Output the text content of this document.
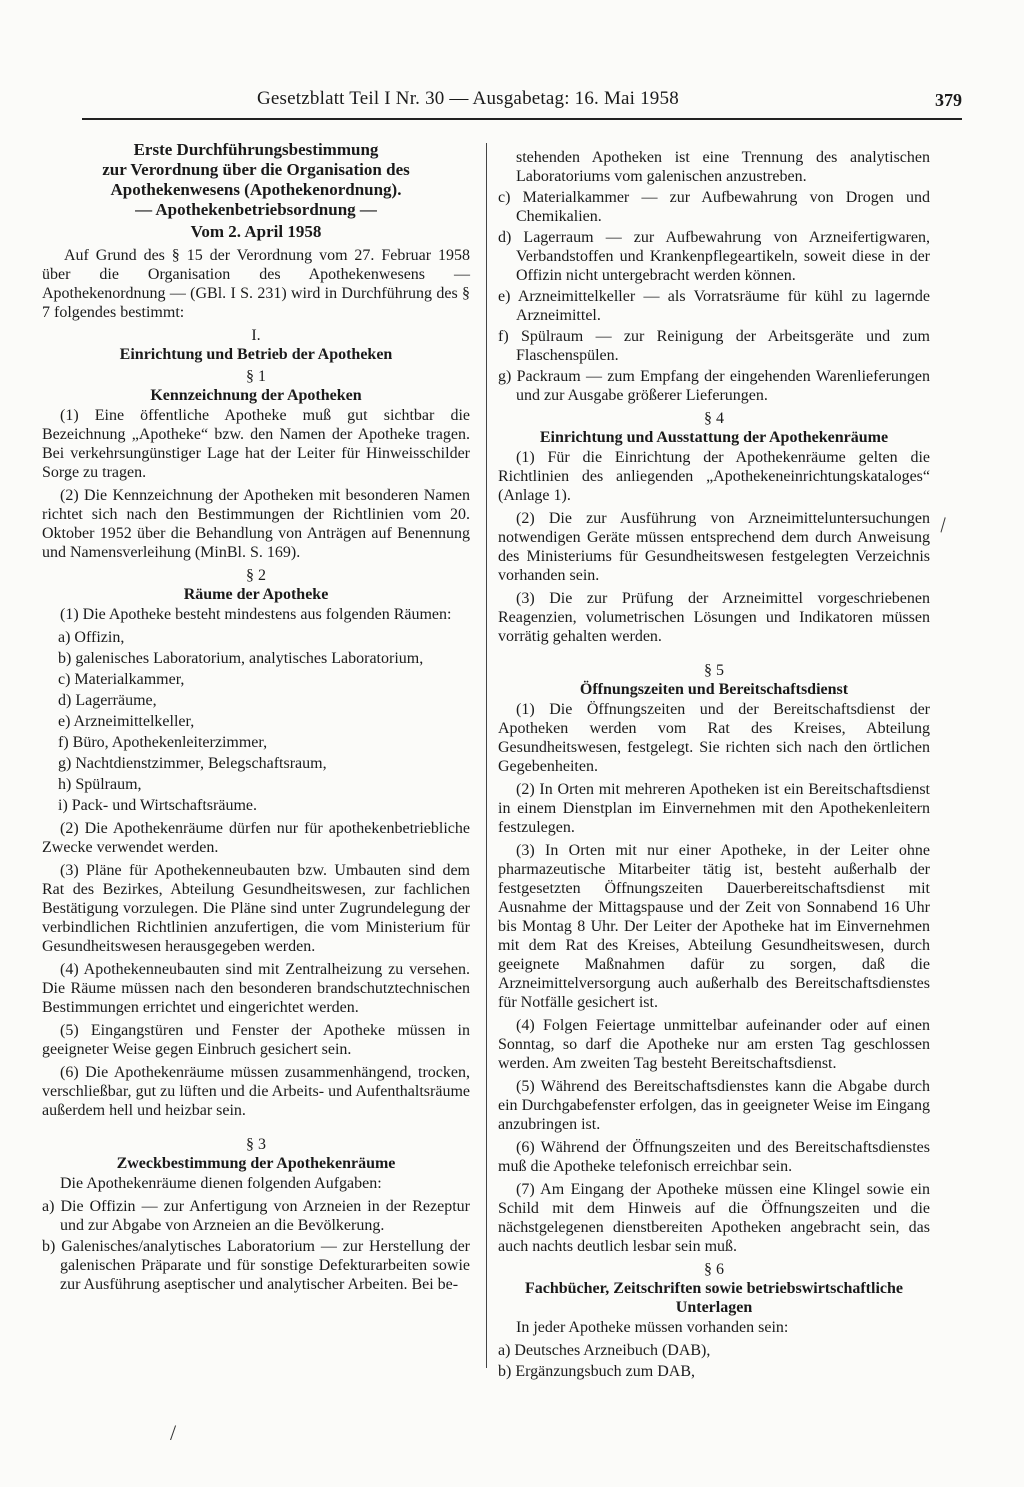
Gesetzblatt Teil I Nr. 30 — Ausgabetag: 16. Mai 1958	379
Erste Durchführungsbestimmung
zur Verordnung über die Organisation des
Apothekenwesens (Apothekenordnung).
— Apothekenbetriebsordnung —
Vom 2. April 1958

Auf Grund des § 15 der Verordnung vom 27. Februar 1958 über die Organisation des Apothekenwesens — Apothekenordnung — (GBl. I S. 231) wird in Durchführung des § 7 folgendes bestimmt:

I.
Einrichtung und Betrieb der Apotheken
§ 1
Kennzeichnung der Apotheken

(1) Eine öffentliche Apotheke muß gut sichtbar die Bezeichnung „Apotheke“ bzw. den Namen der Apotheke tragen. Bei verkehrsungünstiger Lage hat der Leiter für Hinweisschilder Sorge zu tragen.

(2) Die Kennzeichnung der Apotheken mit besonderen Namen richtet sich nach den Bestimmungen der Richtlinien vom 20. Oktober 1952 über die Behandlung von Anträgen auf Benennung und Namensverleihung (MinBl. S. 169).

§ 2
Räume der Apotheke

(1) Die Apotheke besteht mindestens aus folgenden Räumen:

a) Offizin,
b) galenisches Laboratorium, analytisches Laboratorium,
c) Materialkammer,
d) Lagerräume,
e) Arzneimittelkeller,
f) Büro, Apothekenleiterzimmer,
g) Nachtdienstzimmer, Belegschaftsraum,
h) Spülraum,
i) Pack- und Wirtschaftsräume.

(2) Die Apothekenräume dürfen nur für apothekenbetriebliche Zwecke verwendet werden.

(3) Pläne für Apothekenneubauten bzw. Umbauten sind dem Rat des Bezirkes, Abteilung Gesundheitswesen, zur fachlichen Bestätigung vorzulegen. Die Pläne sind unter Zugrundelegung der verbindlichen Richtlinien anzufertigen, die vom Ministerium für Gesundheitswesen herausgegeben werden.

(4) Apothekenneubauten sind mit Zentralheizung zu versehen. Die Räume müssen nach den besonderen brandschutztechnischen Bestimmungen errichtet und eingerichtet werden.

(5) Eingangstüren und Fenster der Apotheke müssen in geeigneter Weise gegen Einbruch gesichert sein.

(6) Die Apothekenräume müssen zusammenhängend, trocken, verschließbar, gut zu lüften und die Arbeits- und Aufenthaltsräume außerdem hell und heizbar sein.

§ 3
Zweckbestimmung der Apothekenräume

Die Apothekenräume dienen folgenden Aufgaben:

a) Die Offizin — zur Anfertigung von Arzneien in der Rezeptur und zur Abgabe von Arzneien an die Bevölkerung.
b) Galenisches/analytisches Laboratorium — zur Herstellung der galenischen Präparate und für sonstige Defekturarbeiten sowie zur Ausführung aseptischer und analytischer Arbeiten. Bei be-
stehenden Apotheken ist eine Trennung des analytischen Laboratoriums vom galenischen anzustreben.
c) Materialkammer — zur Aufbewahrung von Drogen und Chemikalien.
d) Lagerraum — zur Aufbewahrung von Arzneifertigwaren, Verbandstoffen und Krankenpflegeartikeln, soweit diese in der Offizin nicht untergebracht werden können.
e) Arzneimittelkeller — als Vorratsräume für kühl zu lagernde Arzneimittel.
f) Spülraum — zur Reinigung der Arbeitsgeräte und zum Flaschenspülen.
g) Packraum — zum Empfang der eingehenden Warenlieferungen und zur Ausgabe größerer Lieferungen.
§ 4
Einrichtung und Ausstattung der Apothekenräume

(1) Für die Einrichtung der Apothekenräume gelten die Richtlinien des anliegenden „Apothekeneinrichtungskataloges“ (Anlage 1).

(2) Die zur Ausführung von Arzneimitteluntersuchungen notwendigen Geräte müssen entsprechend dem durch Anweisung des Ministeriums für Gesundheitswesen festgelegten Verzeichnis vorhanden sein.

(3) Die zur Prüfung der Arzneimittel vorgeschriebenen Reagenzien, volumetrischen Lösungen und Indikatoren müssen vorrätig gehalten werden.

§ 5
Öffnungszeiten und Bereitschaftsdienst

(1) Die Öffnungszeiten und der Bereitschaftsdienst der Apotheken werden vom Rat des Kreises, Abteilung Gesundheitswesen, festgelegt. Sie richten sich nach den örtlichen Gegebenheiten.

(2) In Orten mit mehreren Apotheken ist ein Bereitschaftsdienst in einem Dienstplan im Einvernehmen mit den Apothekenleitern festzulegen.

(3) In Orten mit nur einer Apotheke, in der Leiter ohne pharmazeutische Mitarbeiter tätig ist, besteht außerhalb der festgesetzten Öffnungszeiten Dauerbereitschaftsdienst mit Ausnahme der Mittagspause und der Zeit von Sonnabend 16 Uhr bis Montag 8 Uhr. Der Leiter der Apotheke hat im Einvernehmen mit dem Rat des Kreises, Abteilung Gesundheitswesen, durch geeignete Maßnahmen dafür zu sorgen, daß die Arzneimittelversorgung auch außerhalb des Bereitschaftsdienstes für Notfälle gesichert ist.

(4) Folgen Feiertage unmittelbar aufeinander oder auf einen Sonntag, so darf die Apotheke nur am ersten Tag geschlossen werden. Am zweiten Tag besteht Bereitschaftsdienst.

(5) Während des Bereitschaftsdienstes kann die Abgabe durch ein Durchgabefenster erfolgen, das in geeigneter Weise im Eingang anzubringen ist.

(6) Während der Öffnungszeiten und des Bereitschaftsdienstes muß die Apotheke telefonisch erreichbar sein.

(7) Am Eingang der Apotheke müssen eine Klingel sowie ein Schild mit dem Hinweis auf die Öffnungszeiten und die nächstgelegenen dienstbereiten Apotheken angebracht sein, das auch nachts deutlich lesbar sein muß.

§ 6
Fachbücher, Zeitschriften sowie betriebswirtschaftliche Unterlagen

In jeder Apotheke müssen vorhanden sein:

a) Deutsches Arzneibuch (DAB),
b) Ergänzungsbuch zum DAB,
\
/
